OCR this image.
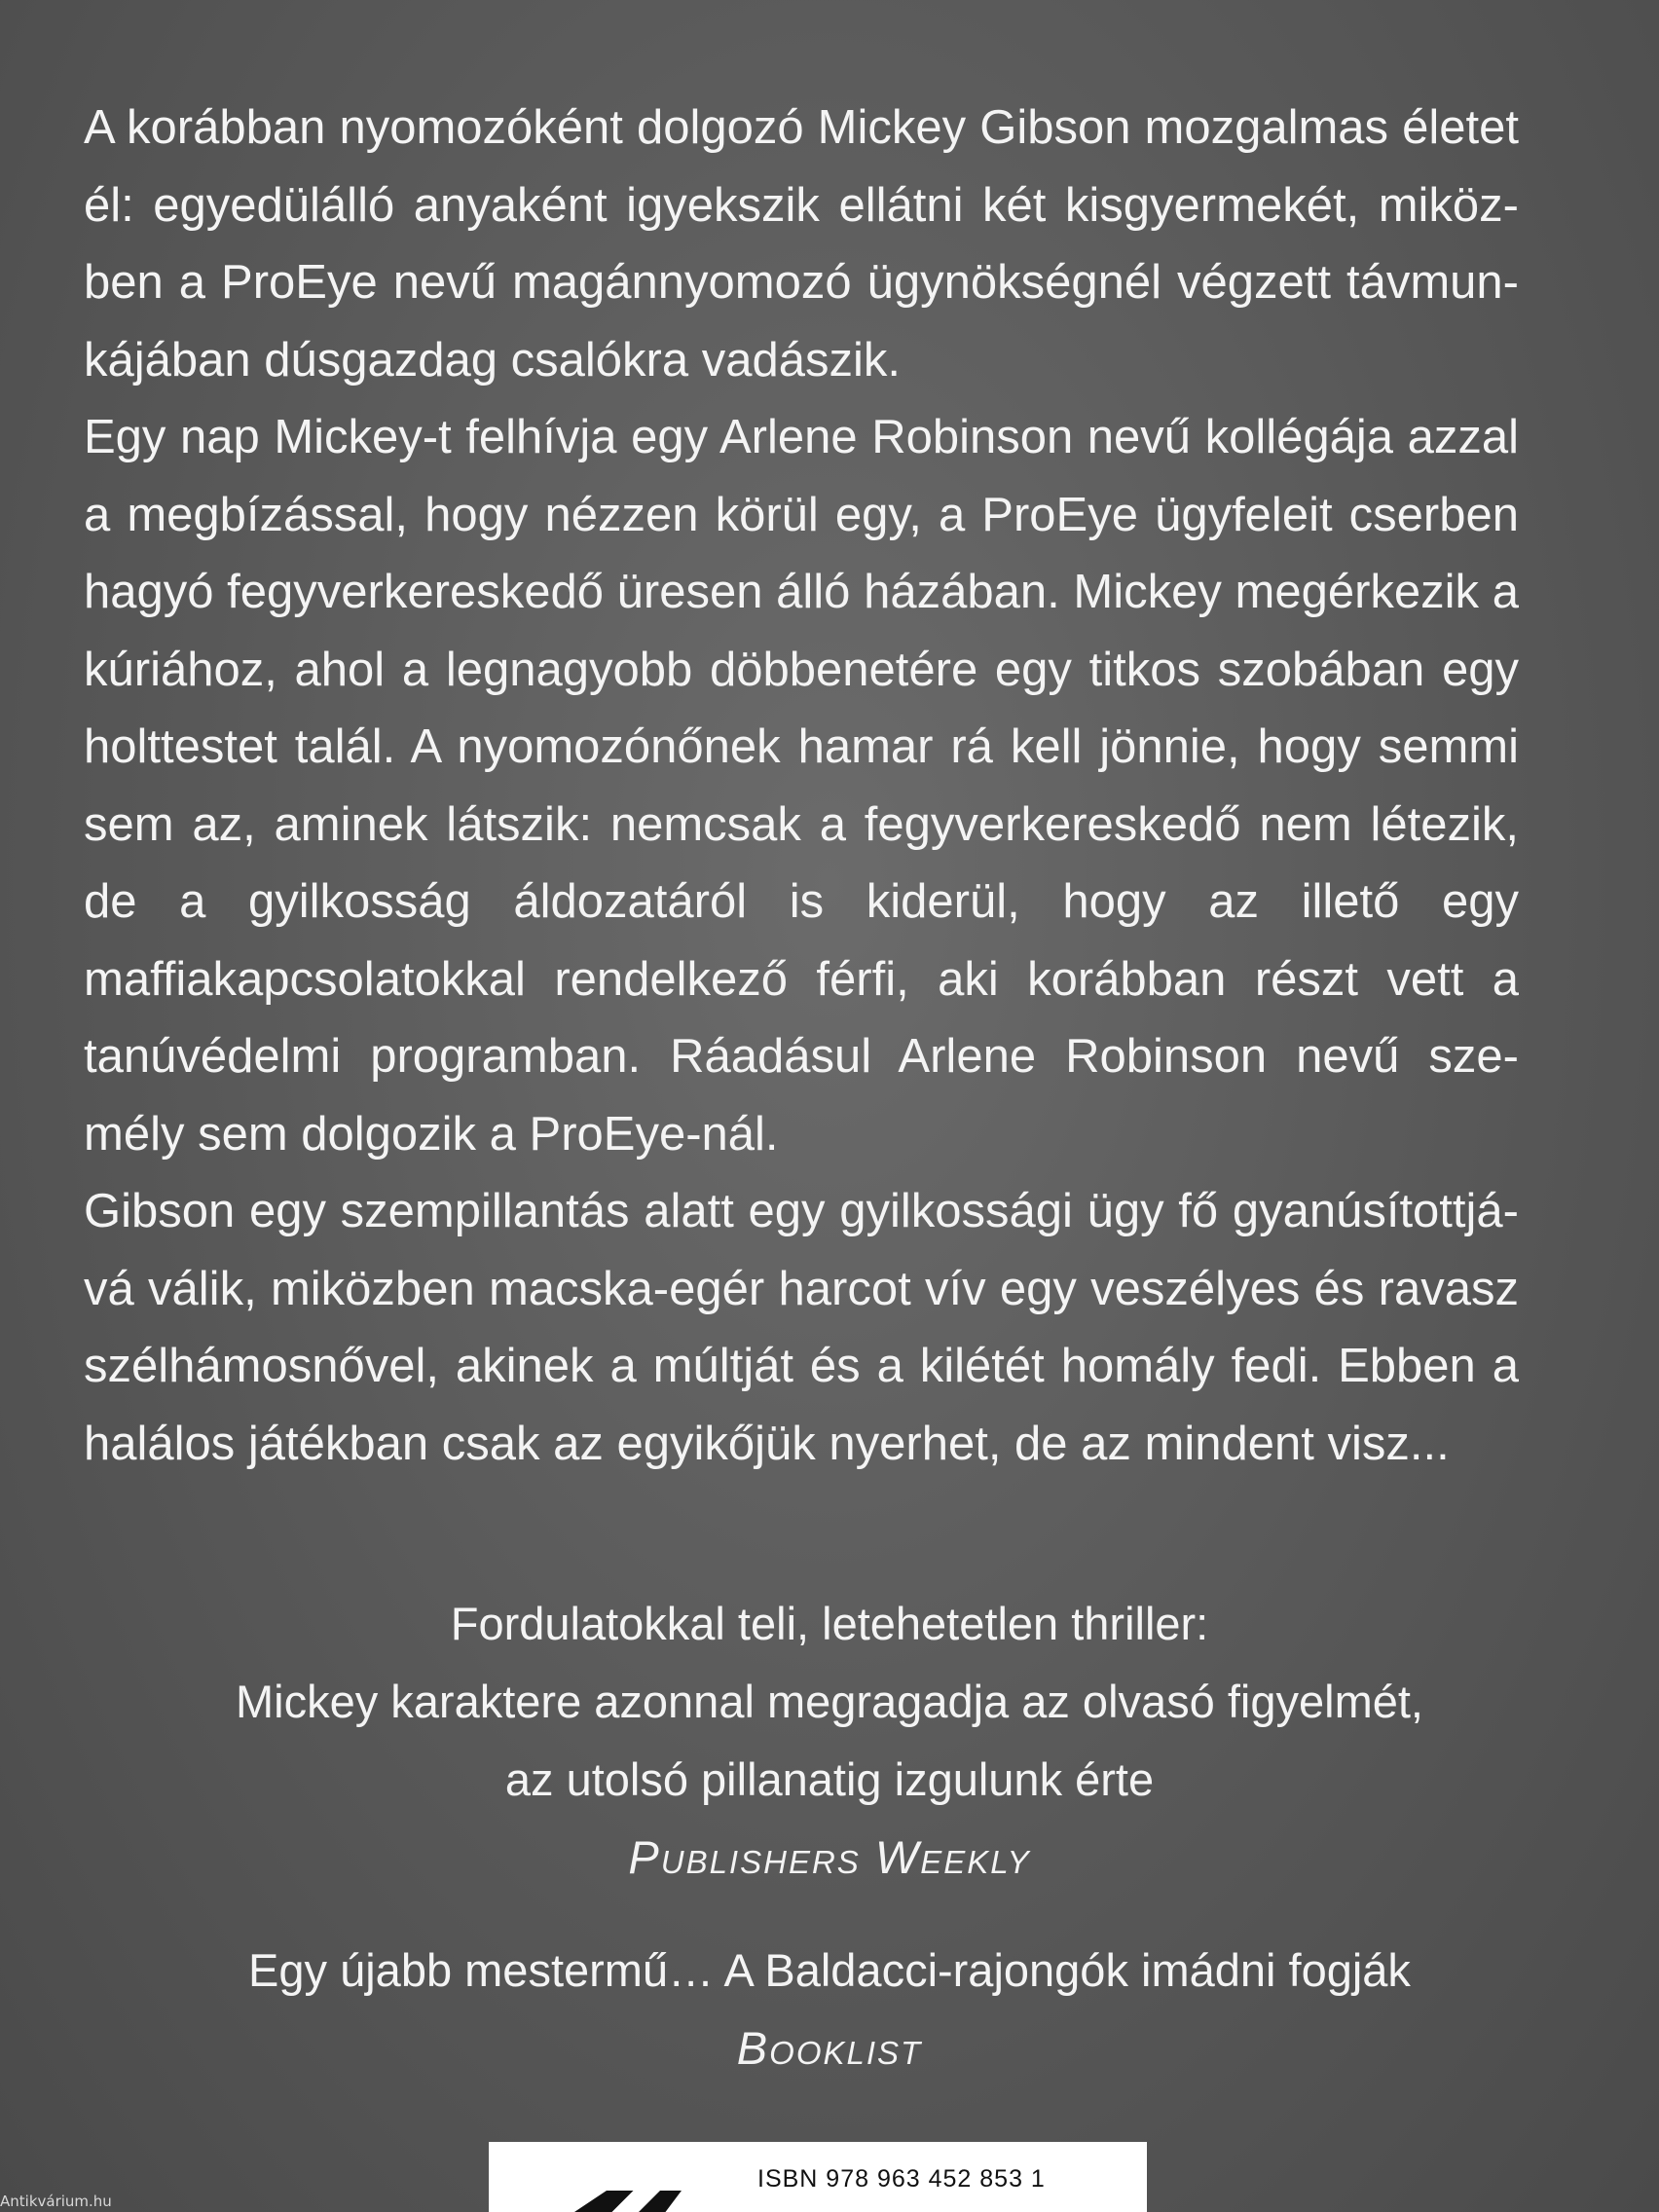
A korábban nyomozóként dolgozó Mickey Gibson mozgalmas életet él: egyedülálló anyaként igyekszik ellátni két kisgyermekét, miköz-ben a ProEye nevű magánnyomozó ügynökségnél végzett távmun-kájában dúsgazdag csalókra vadászik.

Egy nap Mickey-t felhívja egy Arlene Robinson nevű kollégája azzal a megbízással, hogy nézzen körül egy, a ProEye ügyfeleit cserben hagyó fegyverkereskedő üresen álló házában. Mickey megérkezik a kúriához, ahol a legnagyobb döbbenetére egy titkos szobában egy holttestet talál. A nyomozónőnek hamar rá kell jönnie, hogy semmi sem az, aminek látszik: nemcsak a fegyverkereskedő nem létezik, de a gyilkosság áldozatáról is kiderül, hogy az illető egy maffiakapcsolatokkal rendelkező férfi, aki korábban részt vett a tanúvédelmi programban. Ráadásul Arlene Robinson nevű sze-mély sem dolgozik a ProEye-nál.

Gibson egy szempillantás alatt egy gyilkossági ügy fő gyanúsítottjá-vá válik, miközben macska-egér harcot vív egy veszélyes és ravasz szélhámosnővel, akinek a múltját és a kilétét homály fedi. Ebben a halálos játékban csak az egyikőjük nyerhet, de az mindent visz...

Fordulatokkal teli, letehetetlen thriller:

Mickey karaktere azonnal megragadja az olvasó figyelmét,

az utolsó pillanatig izgulunk érte

Publishers Weekly

Egy újabb mestermű… A Baldacci-rajongók imádni fogják

Booklist

ISBN 978 963 452 853 1
Antikvárium.hu
